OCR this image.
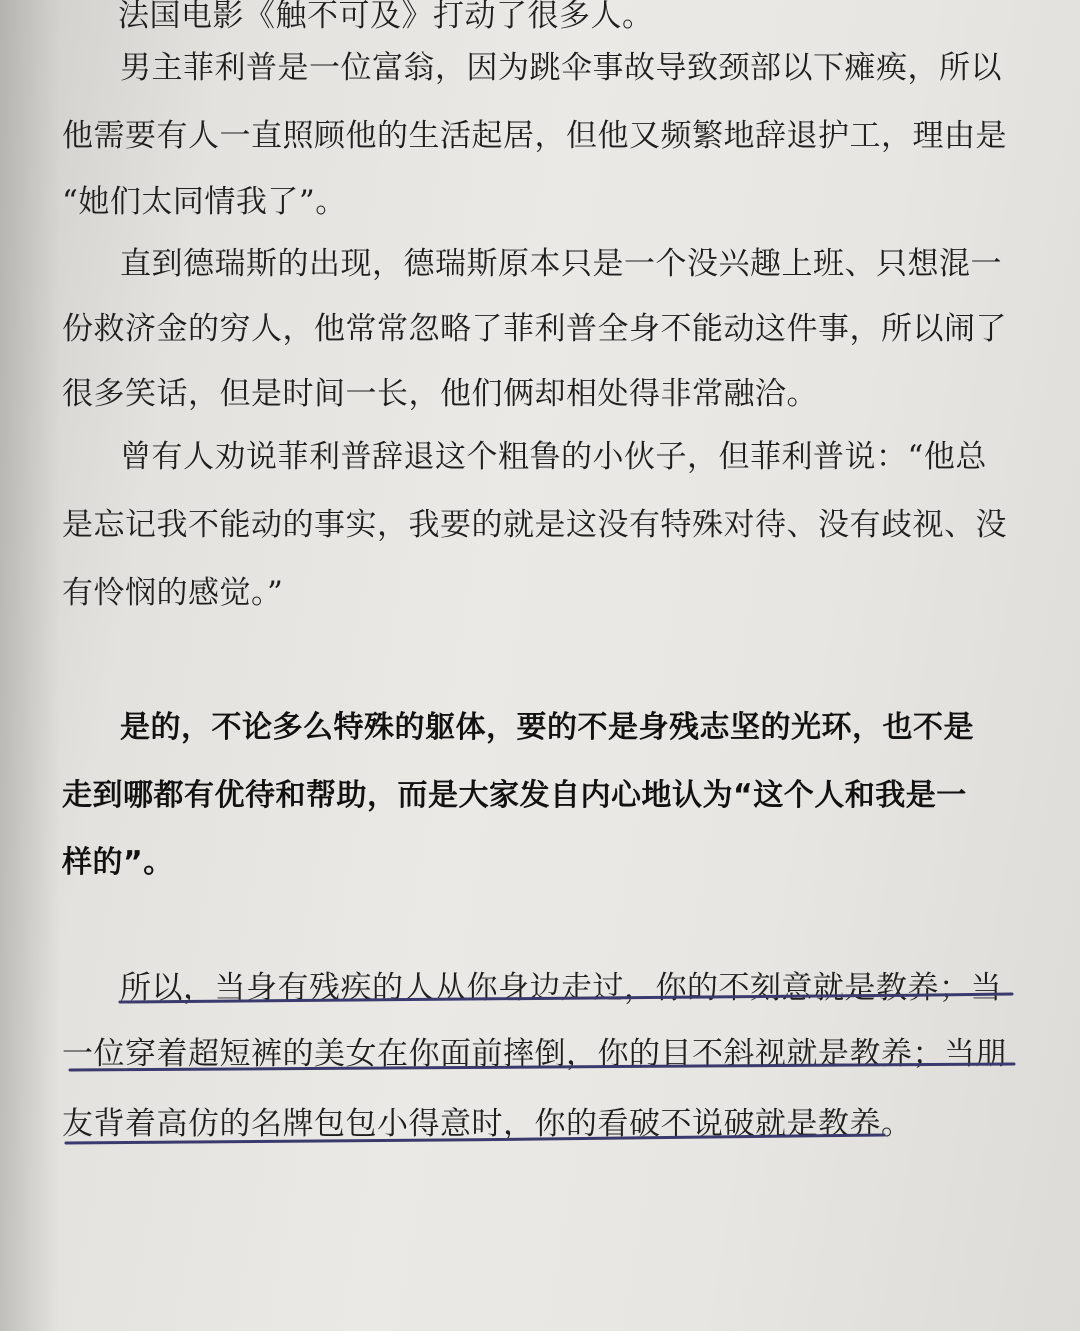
法国电影《触不可及》打动了很多人。
男主菲利普是一位富翁，因为跳伞事故导致颈部以下瘫痪，所以
他需要有人一直照顾他的生活起居，但他又频繁地辞退护工，理由是
“她们太同情我了”。
直到德瑞斯的出现，德瑞斯原本只是一个没兴趣上班、只想混一
份救济金的穷人，他常常忽略了菲利普全身不能动这件事，所以闹了
很多笑话，但是时间一长，他们俩却相处得非常融洽。
曾有人劝说菲利普辞退这个粗鲁的小伙子，但菲利普说：“他总
是忘记我不能动的事实，我要的就是这没有特殊对待、没有歧视、没
有怜悯的感觉。”
是的，不论多么特殊的躯体，要的不是身残志坚的光环，也不是
走到哪都有优待和帮助，而是大家发自内心地认为“这个人和我是一
样的”。
所以，当身有残疾的人从你身边走过，你的不刻意就是教养；当
一位穿着超短裤的美女在你面前摔倒，你的目不斜视就是教养；当朋
友背着高仿的名牌包包小得意时，你的看破不说破就是教养。
